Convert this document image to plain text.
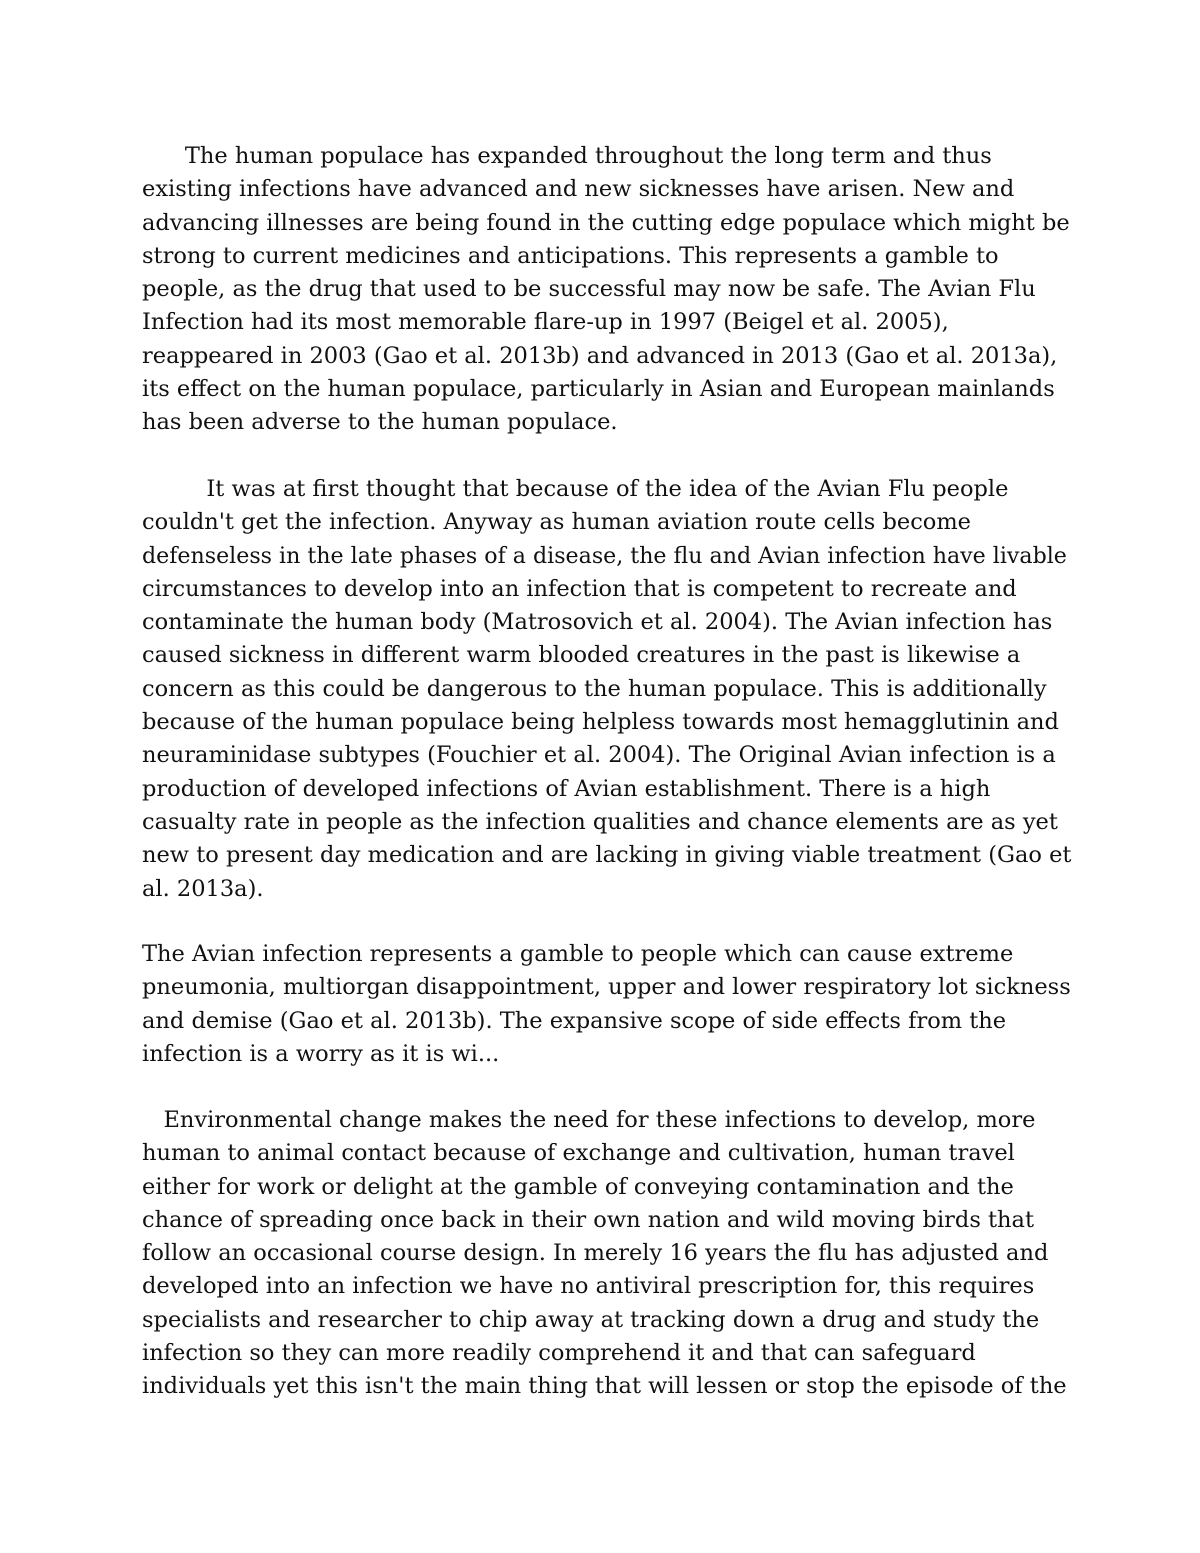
The human populace has expanded throughout the long term and thus
existing infections have advanced and new sicknesses have arisen. New and
advancing illnesses are being found in the cutting edge populace which might be
strong to current medicines and anticipations. This represents a gamble to
people, as the drug that used to be successful may now be safe. The Avian Flu
Infection had its most memorable flare-up in 1997 (Beigel et al. 2005),
reappeared in 2003 (Gao et al. 2013b) and advanced in 2013 (Gao et al. 2013a),
its effect on the human populace, particularly in Asian and European mainlands
has been adverse to the human populace.
It was at first thought that because of the idea of the Avian Flu people
couldn't get the infection. Anyway as human aviation route cells become
defenseless in the late phases of a disease, the flu and Avian infection have livable
circumstances to develop into an infection that is competent to recreate and
contaminate the human body (Matrosovich et al. 2004). The Avian infection has
caused sickness in different warm blooded creatures in the past is likewise a
concern as this could be dangerous to the human populace. This is additionally
because of the human populace being helpless towards most hemagglutinin and
neuraminidase subtypes (Fouchier et al. 2004). The Original Avian infection is a
production of developed infections of Avian establishment. There is a high
casualty rate in people as the infection qualities and chance elements are as yet
new to present day medication and are lacking in giving viable treatment (Gao et
al. 2013a).
The Avian infection represents a gamble to people which can cause extreme
pneumonia, multiorgan disappointment, upper and lower respiratory lot sickness
and demise (Gao et al. 2013b). The expansive scope of side effects from the
infection is a worry as it is wi...
Environmental change makes the need for these infections to develop, more
human to animal contact because of exchange and cultivation, human travel
either for work or delight at the gamble of conveying contamination and the
chance of spreading once back in their own nation and wild moving birds that
follow an occasional course design. In merely 16 years the flu has adjusted and
developed into an infection we have no antiviral prescription for, this requires
specialists and researcher to chip away at tracking down a drug and study the
infection so they can more readily comprehend it and that can safeguard
individuals yet this isn't the main thing that will lessen or stop the episode of the
